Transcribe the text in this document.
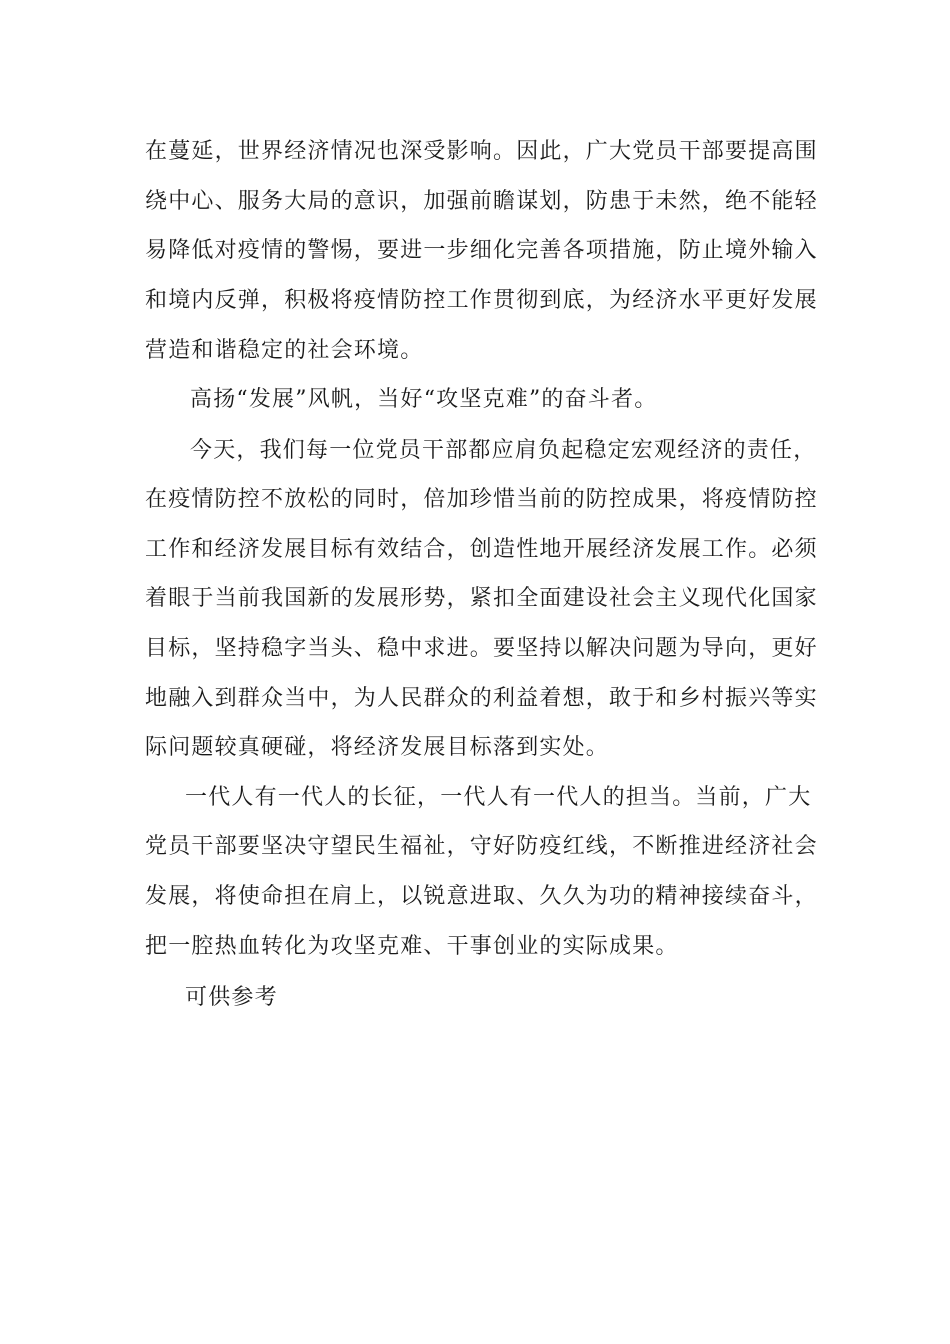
在蔓延，世界经济情况也深受影响。因此，广大党员干部要提高围
绕中心、服务大局的意识，加强前瞻谋划，防患于未然，绝不能轻
易降低对疫情的警惕，要进一步细化完善各项措施，防止境外输入
和境内反弹，积极将疫情防控工作贯彻到底，为经济水平更好发展
营造和谐稳定的社会环境。
高扬“发展”风帆，当好“攻坚克难”的奋斗者。
今天，我们每一位党员干部都应肩负起稳定宏观经济的责任，
在疫情防控不放松的同时，倍加珍惜当前的防控成果，将疫情防控
工作和经济发展目标有效结合，创造性地开展经济发展工作。必须
着眼于当前我国新的发展形势，紧扣全面建设社会主义现代化国家
目标，坚持稳字当头、稳中求进。要坚持以解决问题为导向，更好
地融入到群众当中，为人民群众的利益着想，敢于和乡村振兴等实
际问题较真硬碰，将经济发展目标落到实处。
一代人有一代人的长征，一代人有一代人的担当。当前，广大
党员干部要坚决守望民生福祉，守好防疫红线，不断推进经济社会
发展，将使命担在肩上，以锐意进取、久久为功的精神接续奋斗，
把一腔热血转化为攻坚克难、干事创业的实际成果。
可供参考
